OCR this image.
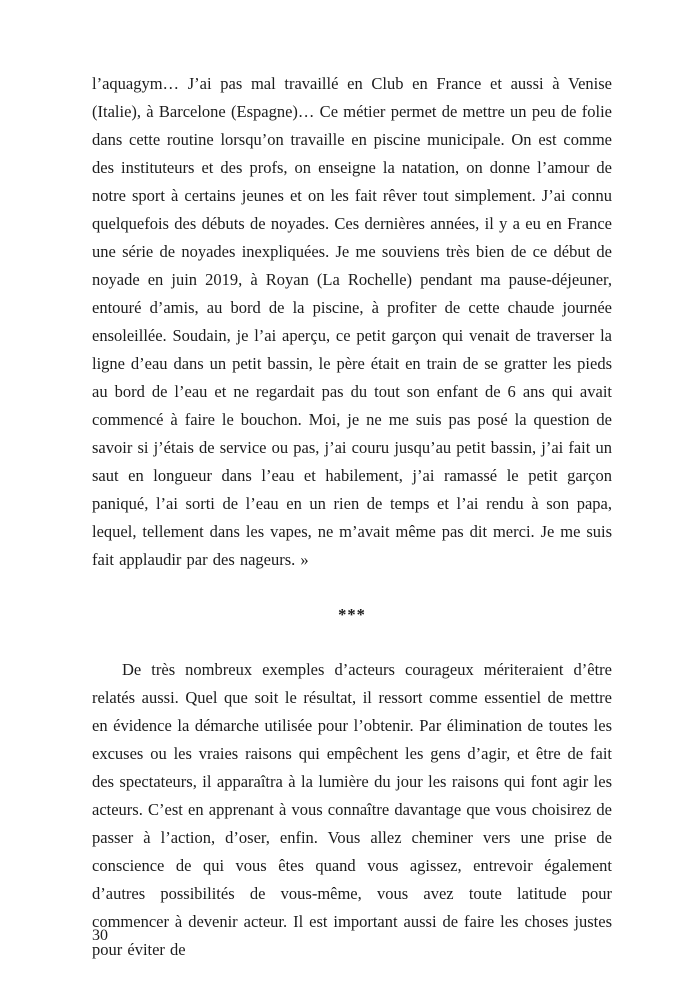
l’aquagym… J’ai pas mal travaillé en Club en France et aussi à Venise (Italie), à Barcelone (Espagne)… Ce métier permet de mettre un peu de folie dans cette routine lorsqu’on travaille en piscine municipale. On est comme des instituteurs et des profs, on enseigne la natation, on donne l’amour de notre sport à certains jeunes et on les fait rêver tout simplement. J’ai connu quelquefois des débuts de noyades. Ces dernières années, il y a eu en France une série de noyades inexpliquées. Je me souviens très bien de ce début de noyade en juin 2019, à Royan (La Rochelle) pendant ma pause-déjeuner, entouré d’amis, au bord de la piscine, à profiter de cette chaude journée ensoleillée. Soudain, je l’ai aperçu, ce petit garçon qui venait de traverser la ligne d’eau dans un petit bassin, le père était en train de se gratter les pieds au bord de l’eau et ne regardait pas du tout son enfant de 6 ans qui avait commencé à faire le bouchon. Moi, je ne me suis pas posé la question de savoir si j’étais de service ou pas, j’ai couru jusqu’au petit bassin, j’ai fait un saut en longueur dans l’eau et habilement, j’ai ramassé le petit garçon paniqué, l’ai sorti de l’eau en un rien de temps et l’ai rendu à son papa, lequel, tellement dans les vapes, ne m’avait même pas dit merci. Je me suis fait applaudir par des nageurs. »

***

De très nombreux exemples d’acteurs courageux mériteraient d’être relatés aussi. Quel que soit le résultat, il ressort comme essentiel de mettre en évidence la démarche utilisée pour l’obtenir. Par élimination de toutes les excuses ou les vraies raisons qui empêchent les gens d’agir, et être de fait des spectateurs, il apparaîtra à la lumière du jour les raisons qui font agir les acteurs. C’est en apprenant à vous connaître davantage que vous choisirez de passer à l’action, d’oser, enfin. Vous allez cheminer vers une prise de conscience de qui vous êtes quand vous agissez, entrevoir également d’autres possibilités de vous-même, vous avez toute latitude pour commencer à devenir acteur. Il est important aussi de faire les choses justes pour éviter de

30
